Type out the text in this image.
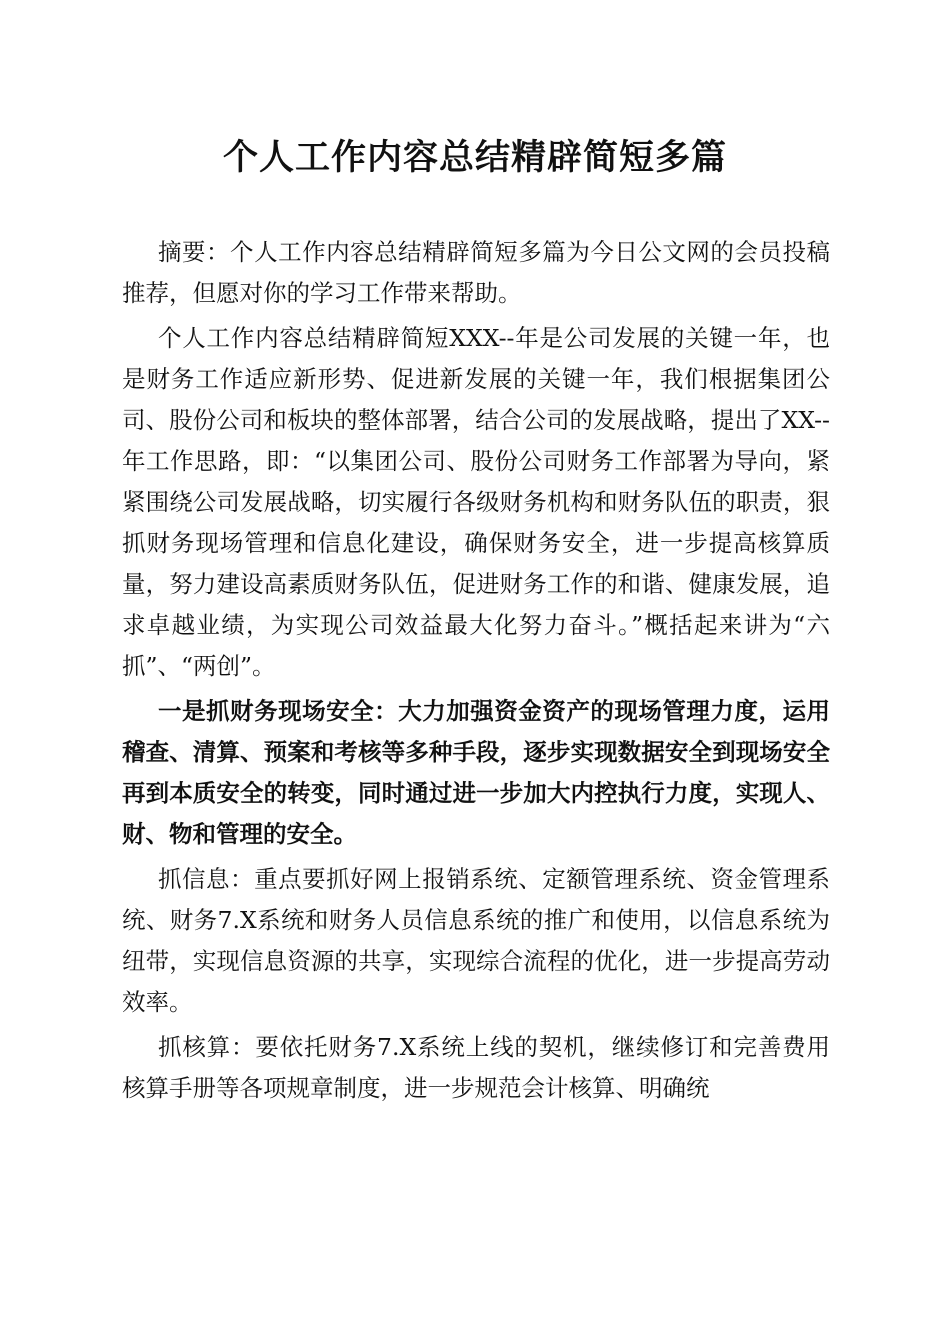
个人工作内容总结精辟简短多篇

摘要：个人工作内容总结精辟简短多篇为今日公文网的会员投稿推荐，但愿对你的学习工作带来帮助。

个人工作内容总结精辟简短XXX--年是公司发展的关键一年，也是财务工作适应新形势、促进新发展的关键一年，我们根据集团公司、股份公司和板块的整体部署，结合公司的发展战略，提出了XX--年工作思路，即：“以集团公司、股份公司财务工作部署为导向，紧紧围绕公司发展战略，切实履行各级财务机构和财务队伍的职责，狠抓财务现场管理和信息化建设，确保财务安全，进一步提高核算质量，努力建设高素质财务队伍，促进财务工作的和谐、健康发展，追求卓越业绩，为实现公司效益最大化努力奋斗。”概括起来讲为“六抓”、“两创”。

一是抓财务现场安全：大力加强资金资产的现场管理力度，运用稽查、清算、预案和考核等多种手段，逐步实现数据安全到现场安全再到本质安全的转变，同时通过进一步加大内控执行力度，实现人、财、物和管理的安全。

抓信息：重点要抓好网上报销系统、定额管理系统、资金管理系统、财务7.X系统和财务人员信息系统的推广和使用，以信息系统为纽带，实现信息资源的共享，实现综合流程的优化，进一步提高劳动效率。

抓核算：要依托财务7.X系统上线的契机，继续修订和完善费用核算手册等各项规章制度，进一步规范会计核算、明确统
